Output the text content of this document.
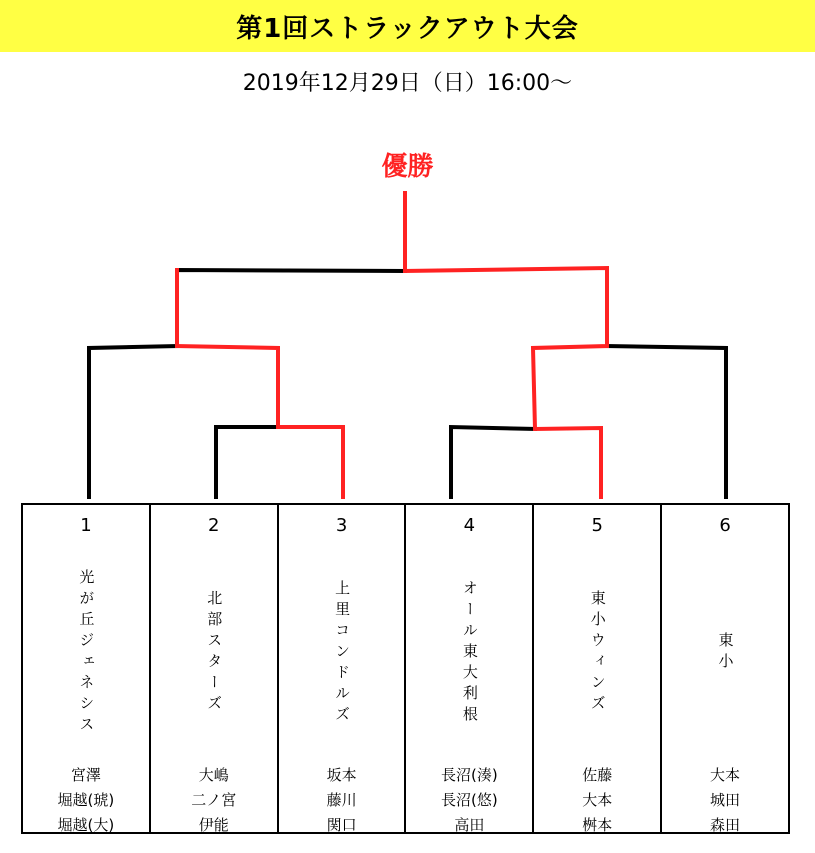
第1回ストラックアウト大会
2019年12月29日（日）16:00〜
優勝
1
光が丘ジェネシス
宮澤
堀越(琥)
堀越(大)
2
北部スターズ
大嶋
二ノ宮
伊能
3
上里コンドルズ
坂本
藤川
関口
4
オール東大利根
長沼(湊)
長沼(悠)
高田
5
東小ウィンズ
佐藤
大本
桝本
6
東小
大本
城田
森田
